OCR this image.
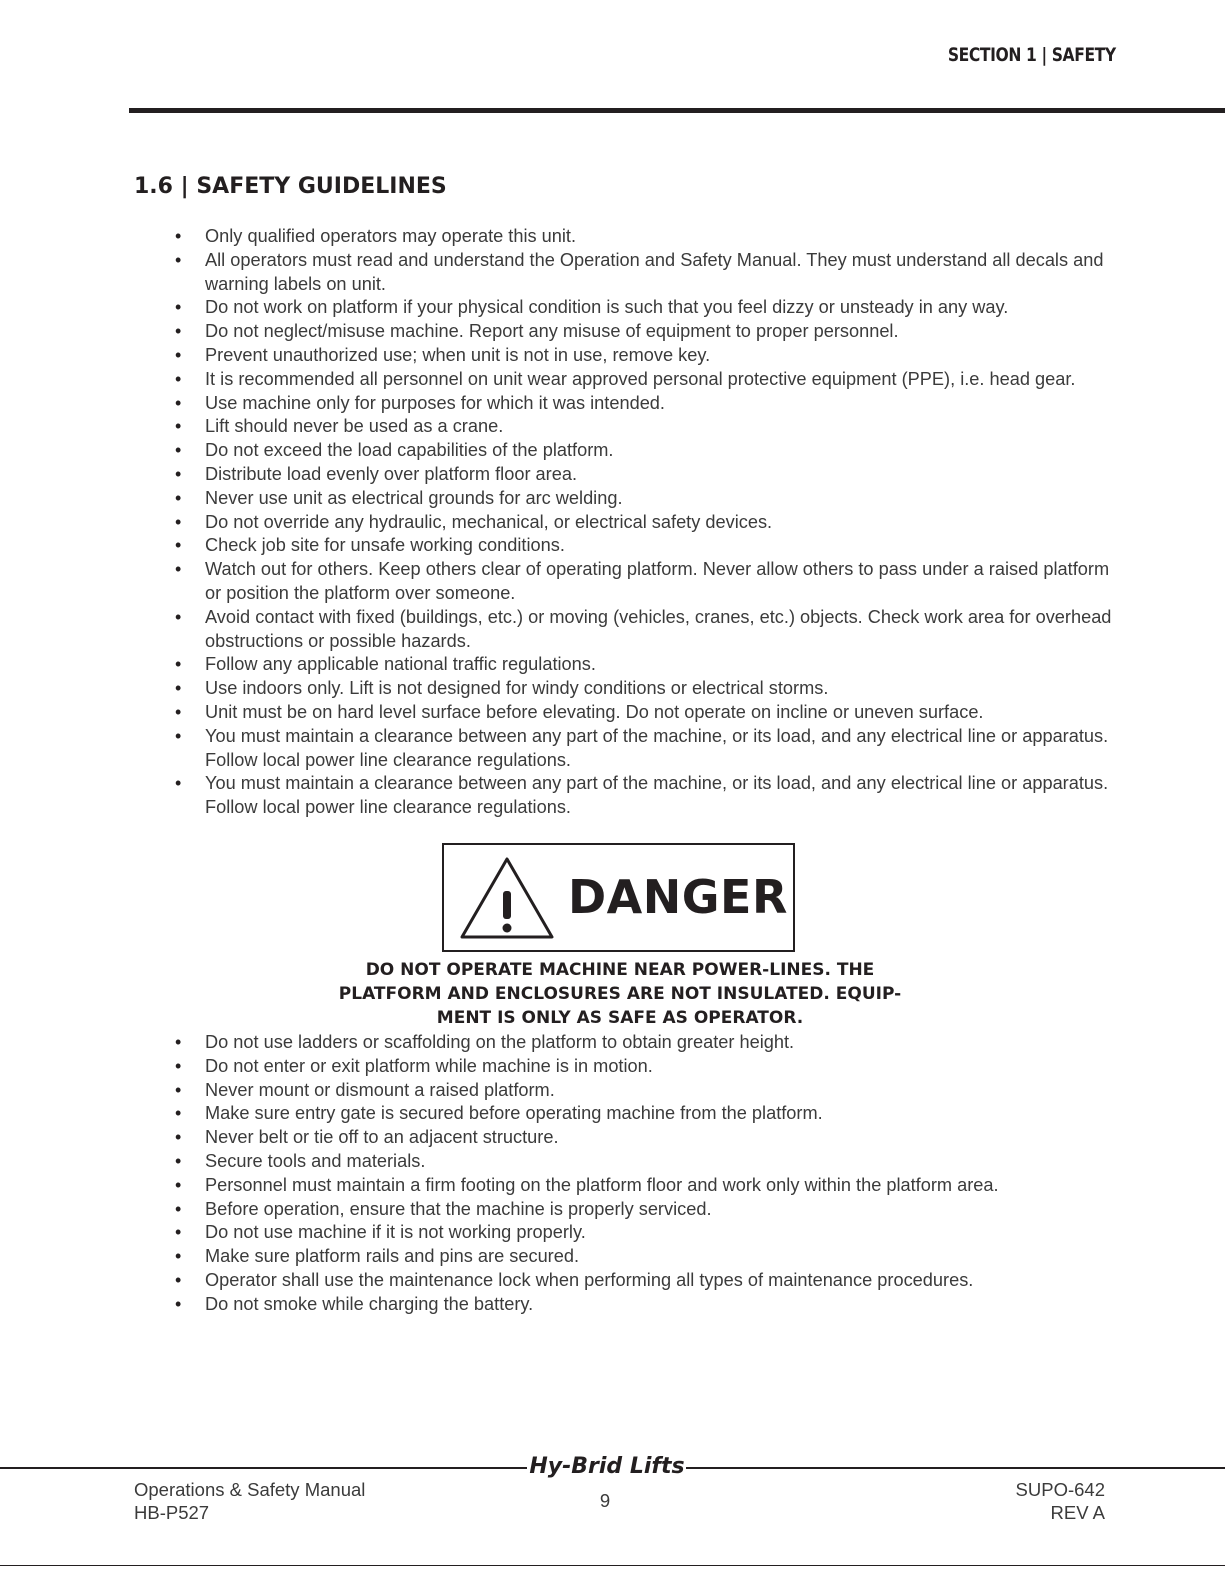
SECTION 1 | SAFETY
1.6 | SAFETY GUIDELINES
• Only qualified operators may operate this unit.
• All operators must read and understand the Operation and Safety Manual. They must understand all decals and warning labels on unit.
• Do not work on platform if your physical condition is such that you feel dizzy or unsteady in any way.
• Do not neglect/misuse machine. Report any misuse of equipment to proper personnel.
• Prevent unauthorized use; when unit is not in use, remove key.
• It is recommended all personnel on unit wear approved personal protective equipment (PPE), i.e. head gear.
• Use machine only for purposes for which it was intended.
• Lift should never be used as a crane.
• Do not exceed the load capabilities of the platform.
• Distribute load evenly over platform floor area.
• Never use unit as electrical grounds for arc welding.
• Do not override any hydraulic, mechanical, or electrical safety devices.
• Check job site for unsafe working conditions.
• Watch out for others. Keep others clear of operating platform. Never allow others to pass under a raised platform or position the platform over someone.
• Avoid contact with fixed (buildings, etc.) or moving (vehicles, cranes, etc.) objects. Check work area for overhead obstructions or possible hazards.
• Follow any applicable national traffic regulations.
• Use indoors only. Lift is not designed for windy conditions or electrical storms.
• Unit must be on hard level surface before elevating. Do not operate on incline or uneven surface.
• You must maintain a clearance between any part of the machine, or its load, and any electrical line or apparatus. Follow local power line clearance regulations.
• You must maintain a clearance between any part of the machine, or its load, and any electrical line or apparatus. Follow local power line clearance regulations.
DANGER
DO NOT OPERATE MACHINE NEAR POWER-LINES. THE
PLATFORM AND ENCLOSURES ARE NOT INSULATED. EQUIP-
MENT IS ONLY AS SAFE AS OPERATOR.
• Do not use ladders or scaffolding on the platform to obtain greater height.
• Do not enter or exit platform while machine is in motion.
• Never mount or dismount a raised platform.
• Make sure entry gate is secured before operating machine from the platform.
• Never belt or tie off to an adjacent structure.
• Secure tools and materials.
• Personnel must maintain a firm footing on the platform floor and work only within the platform area.
• Before operation, ensure that the machine is properly serviced.
• Do not use machine if it is not working properly.
• Make sure platform rails and pins are secured.
• Operator shall use the maintenance lock when performing all types of maintenance procedures.
• Do not smoke while charging the battery.
Hy-Brid Lifts
Operations & Safety Manual
HB-P527
9
SUPO-642
REV A
